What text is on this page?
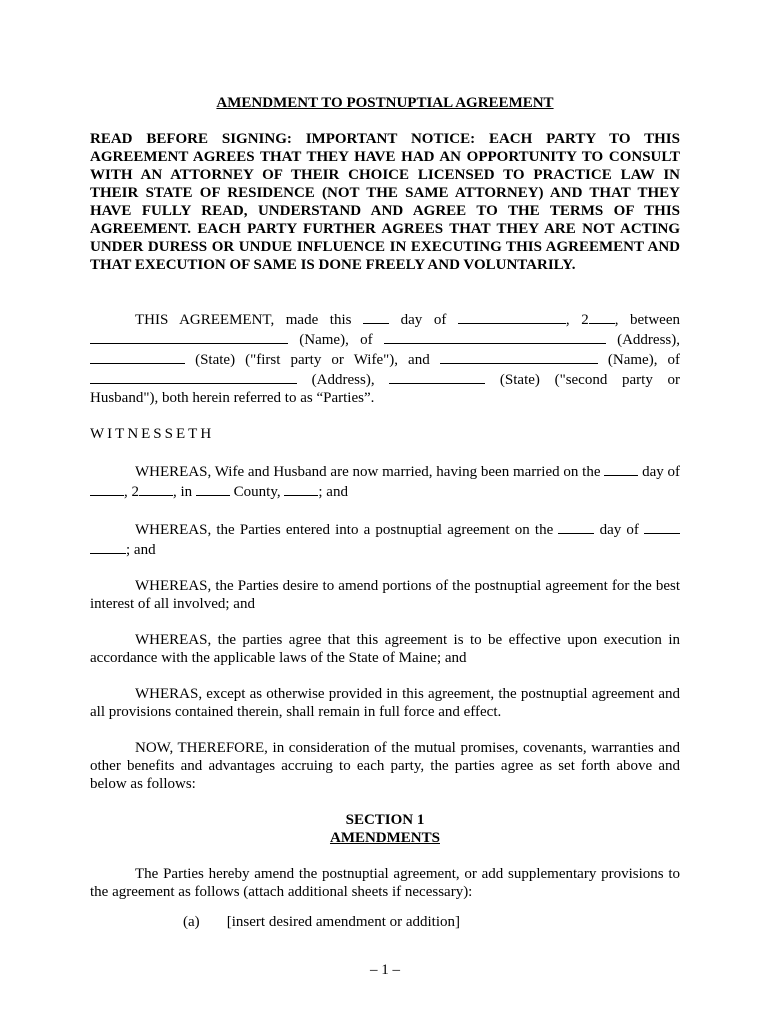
AMENDMENT TO POSTNUPTIAL AGREEMENT
READ BEFORE SIGNING: IMPORTANT NOTICE: EACH PARTY TO THIS AGREEMENT AGREES THAT THEY HAVE HAD AN OPPORTUNITY TO CONSULT WITH AN ATTORNEY OF THEIR CHOICE LICENSED TO PRACTICE LAW IN THEIR STATE OF RESIDENCE (NOT THE SAME ATTORNEY) AND THAT THEY HAVE FULLY READ, UNDERSTAND AND AGREE TO THE TERMS OF THIS AGREEMENT. EACH PARTY FURTHER AGREES THAT THEY ARE NOT ACTING UNDER DURESS OR UNDUE INFLUENCE IN EXECUTING THIS AGREEMENT AND THAT EXECUTION OF SAME IS DONE FREELY AND VOLUNTARILY.
THIS AGREEMENT, made this	day of	, 2 , between  (Name), of	(Address),  (State) ("first party or Wife"), and	(Name), of  (Address),	(State) ("second party or Husband"), both herein referred to as “Parties”.
WITNESSETH
WHEREAS, Wife and Husband are now married, having been married on the	day of , 2 , in	County,	; and
WHEREAS, the Parties entered into a postnuptial agreement on the	day of  ; and
WHEREAS, the Parties desire to amend portions of the postnuptial agreement for the best interest of all involved; and
WHEREAS, the parties agree that this agreement is to be effective upon execution in accordance with the applicable laws of the State of Maine; and
WHERAS, except as otherwise provided in this agreement, the postnuptial agreement and all provisions contained therein, shall remain in full force and effect.
NOW, THEREFORE, in consideration of the mutual promises, covenants, warranties and other benefits and advantages accruing to each party, the parties agree as set forth above and below as follows:
SECTION 1
AMENDMENTS
The Parties hereby amend the postnuptial agreement, or add supplementary provisions to the agreement as follows (attach additional sheets if necessary):
(a) [insert desired amendment or addition]
– 1 –
